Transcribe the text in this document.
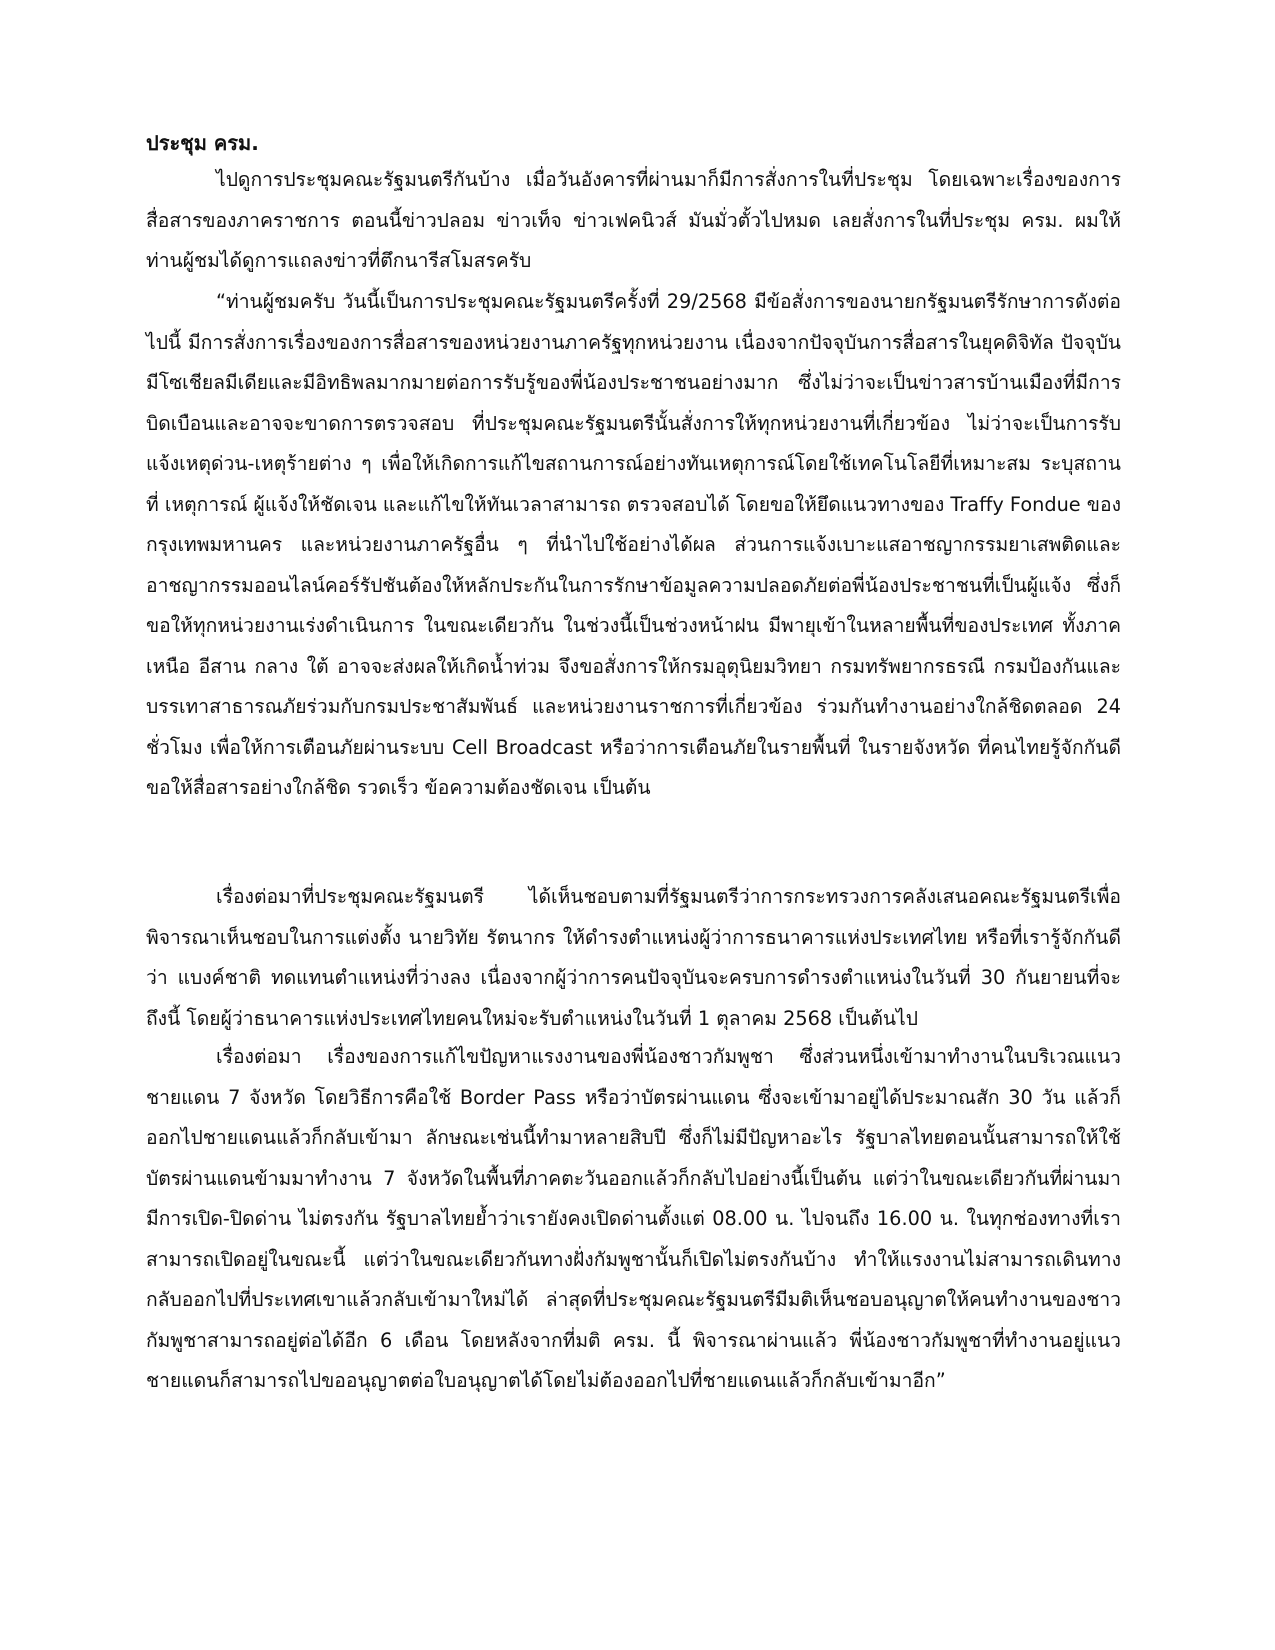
ประชุม ครม.

ไปดูการประชุมคณะรัฐมนตรีกันบ้าง เมื่อวันอังคารที่ผ่านมาก็มีการสั่งการในที่ประชุม โดยเฉพาะเรื่องของการสื่อสารของภาคราชการ ตอนนี้ข่าวปลอม ข่าวเท็จ ข่าวเฟคนิวส์ มันมั่วตั้วไปหมด เลยสั่งการในที่ประชุม ครม. ผมให้ท่านผู้ชมได้ดูการแถลงข่าวที่ตึกนารีสโมสรครับ

“ท่านผู้ชมครับ วันนี้เป็นการประชุมคณะรัฐมนตรีครั้งที่ 29/2568 มีข้อสั่งการของนายกรัฐมนตรีรักษาการดังต่อไปนี้ มีการสั่งการเรื่องของการสื่อสารของหน่วยงานภาครัฐทุกหน่วยงาน เนื่องจากปัจจุบันการสื่อสารในยุคดิจิทัล ปัจจุบันมีโซเชียลมีเดียและมีอิทธิพลมากมายต่อการรับรู้ของพี่น้องประชาชนอย่างมาก ซึ่งไม่ว่าจะเป็นข่าวสารบ้านเมืองที่มีการบิดเบือนและอาจจะขาดการตรวจสอบ ที่ประชุมคณะรัฐมนตรีนั้นสั่งการให้ทุกหน่วยงานที่เกี่ยวข้อง ไม่ว่าจะเป็นการรับแจ้งเหตุด่วน-เหตุร้ายต่าง ๆ เพื่อให้เกิดการแก้ไขสถานการณ์อย่างทันเหตุการณ์โดยใช้เทคโนโลยีที่เหมาะสม ระบุสถานที่ เหตุการณ์ ผู้แจ้งให้ชัดเจน และแก้ไขให้ทันเวลาสามารถ ตรวจสอบได้ โดยขอให้ยึดแนวทางของ Traffy Fondue ของกรุงเทพมหานคร และหน่วยงานภาครัฐอื่น ๆ ที่นำไปใช้อย่างได้ผล ส่วนการแจ้งเบาะแสอาชญากรรมยาเสพติดและอาชญากรรมออนไลน์คอร์รัปชันต้องให้หลักประกันในการรักษาข้อมูลความปลอดภัยต่อพี่น้องประชาชนที่เป็นผู้แจ้ง ซึ่งก็ขอให้ทุกหน่วยงานเร่งดำเนินการ ในขณะเดียวกัน ในช่วงนี้เป็นช่วงหน้าฝน มีพายุเข้าในหลายพื้นที่ของประเทศ ทั้งภาคเหนือ อีสาน กลาง ใต้ อาจจะส่งผลให้เกิดน้ำท่วม จึงขอสั่งการให้กรมอุตุนิยมวิทยา กรมทรัพยากรธรณี กรมป้องกันและบรรเทาสาธารณภัยร่วมกับกรมประชาสัมพันธ์ และหน่วยงานราชการที่เกี่ยวข้อง ร่วมกันทำงานอย่างใกล้ชิดตลอด 24 ชั่วโมง เพื่อให้การเตือนภัยผ่านระบบ Cell Broadcast หรือว่าการเตือนภัยในรายพื้นที่ ในรายจังหวัด ที่คนไทยรู้จักกันดี ขอให้สื่อสารอย่างใกล้ชิด รวดเร็ว ข้อความต้องชัดเจน เป็นต้น

เรื่องต่อมาที่ประชุมคณะรัฐมนตรี ได้เห็นชอบตามที่รัฐมนตรีว่าการกระทรวงการคลังเสนอคณะรัฐมนตรีเพื่อพิจารณาเห็นชอบในการแต่งตั้ง นายวิทัย รัตนากร ให้ดำรงตำแหน่งผู้ว่าการธนาคารแห่งประเทศไทย หรือที่เรารู้จักกันดีว่า แบงค์ชาติ ทดแทนตำแหน่งที่ว่างลง เนื่องจากผู้ว่าการคนปัจจุบันจะครบการดำรงตำแหน่งในวันที่ 30 กันยายนที่จะถึงนี้ โดยผู้ว่าธนาคารแห่งประเทศไทยคนใหม่จะรับตำแหน่งในวันที่ 1 ตุลาคม 2568 เป็นต้นไป

เรื่องต่อมา เรื่องของการแก้ไขปัญหาแรงงานของพี่น้องชาวกัมพูชา ซึ่งส่วนหนึ่งเข้ามาทำงานในบริเวณแนวชายแดน 7 จังหวัด โดยวิธีการคือใช้ Border Pass หรือว่าบัตรผ่านแดน ซึ่งจะเข้ามาอยู่ได้ประมาณสัก 30 วัน แล้วก็ออกไปชายแดนแล้วก็กลับเข้ามา ลักษณะเช่นนี้ทำมาหลายสิบปี ซึ่งก็ไม่มีปัญหาอะไร รัฐบาลไทยตอนนั้นสามารถให้ใช้บัตรผ่านแดนข้ามมาทำงาน 7 จังหวัดในพื้นที่ภาคตะวันออกแล้วก็กลับไปอย่างนี้เป็นต้น แต่ว่าในขณะเดียวกันที่ผ่านมา มีการเปิด-ปิดด่าน ไม่ตรงกัน รัฐบาลไทยย้ำว่าเรายังคงเปิดด่านตั้งแต่ 08.00 น. ไปจนถึง 16.00 น. ในทุกช่องทางที่เราสามารถเปิดอยู่ในขณะนี้ แต่ว่าในขณะเดียวกันทางฝั่งกัมพูชานั้นก็เปิดไม่ตรงกันบ้าง ทำให้แรงงานไม่สามารถเดินทางกลับออกไปที่ประเทศเขาแล้วกลับเข้ามาใหม่ได้ ล่าสุดที่ประชุมคณะรัฐมนตรีมีมติเห็นชอบอนุญาตให้คนทำงานของชาวกัมพูชาสามารถอยู่ต่อได้อีก 6 เดือน โดยหลังจากที่มติ ครม. นี้ พิจารณาผ่านแล้ว พี่น้องชาวกัมพูชาที่ทำงานอยู่แนวชายแดนก็สามารถไปขออนุญาตต่อใบอนุญาตได้โดยไม่ต้องออกไปที่ชายแดนแล้วก็กลับเข้ามาอีก”
